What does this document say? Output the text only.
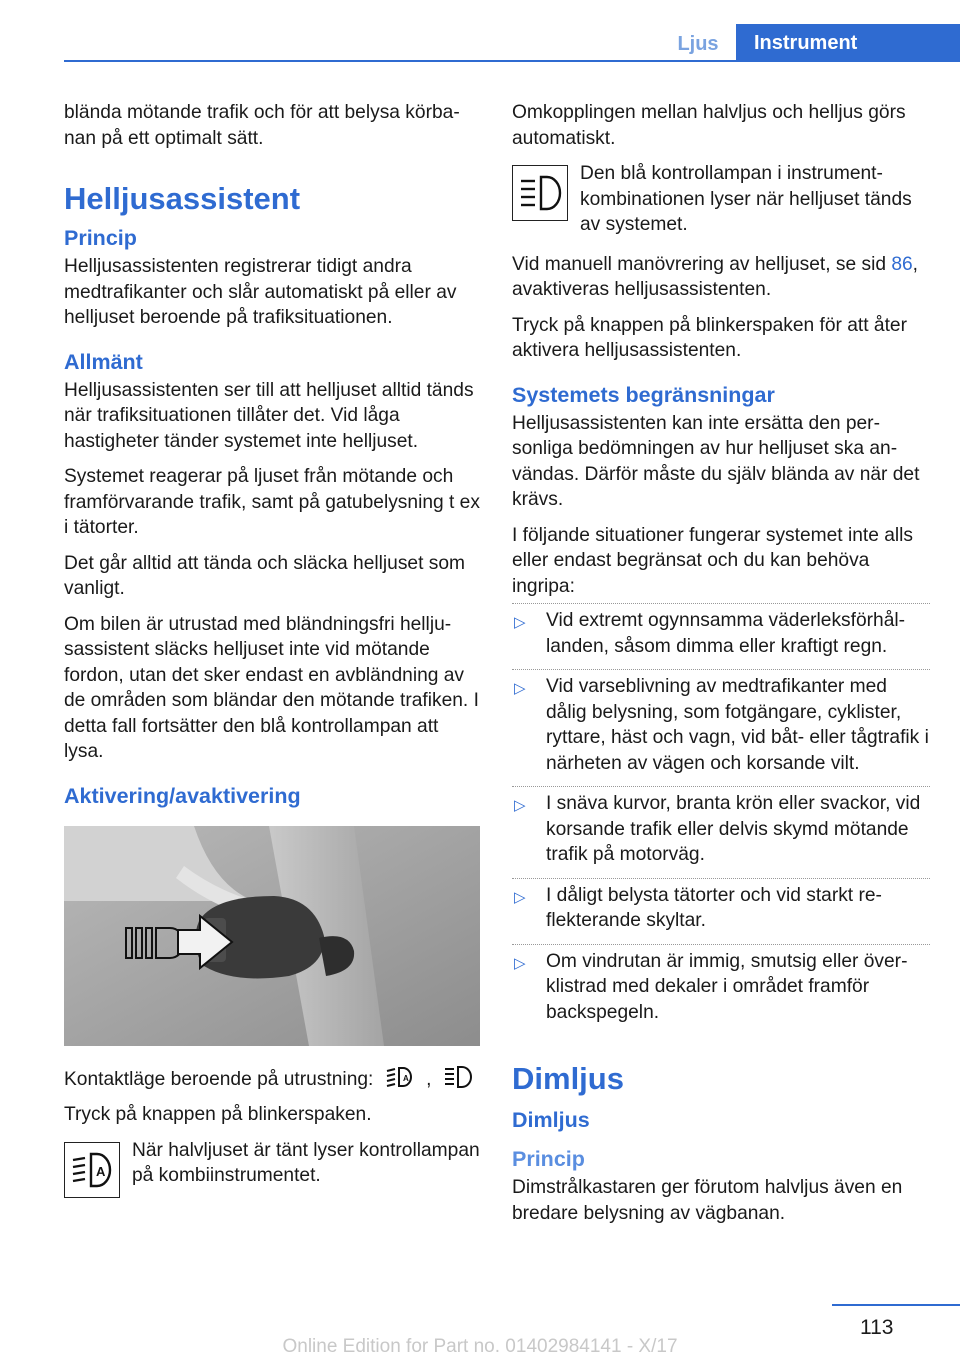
Ljus	Instrument

blända mötande trafik och för att belysa körbanan på ett optimalt sätt.

Helljusassistent
Princip

Helljusassistenten registrerar tidigt andra medtrafikanter och slår automatiskt på eller av helljuset beroende på trafiksituationen.

Allmänt

Helljusassistenten ser till att helljuset alltid tänds när trafiksituationen tillåter det. Vid låga hastigheter tänder systemet inte helljuset.

Systemet reagerar på ljuset från mötande och framförvarande trafik, samt på gatubelysning t ex i tätorter.

Det går alltid att tända och släcka helljuset som vanligt.

Om bilen är utrustad med bländningsfri helljusassistent släcks helljuset inte vid mötande fordon, utan det sker endast en avbländning av de områden som bländar den mötande trafiken. I detta fall fortsätter den blå kontrollampan att lysa.

Aktivering/avaktivering

Kontaktläge beroende på utrustning:	A ,

Tryck på knappen på blinkerspaken.

A

När halvljuset är tänt lyser kontrollampan på kombiinstrumentet.

Omkopplingen mellan halvljus och helljus görs automatiskt.

Den blå kontrollampan i instrumentkombinationen lyser när helljuset tänds av systemet.

Vid manuell manövrering av helljuset, se sid 86, avaktiveras helljusassistenten.

Tryck på knappen på blinkerspaken för att åter aktivera helljusassistenten.

Systemets begränsningar

Helljusassistenten kan inte ersätta den personliga bedömningen av hur helljuset ska användas. Därför måste du själv blända av när det krävs.

I följande situationer fungerar systemet inte alls eller endast begränsat och du kan behöva ingripa:

▷ Vid extremt ogynnsamma väderleksförhållanden, såsom dimma eller kraftigt regn.
▷ Vid varseblivning av medtrafikanter med dålig belysning, som fotgängare, cyklister, ryttare, häst och vagn, vid båt- eller tågtrafik i närheten av vägen och korsande vilt.
▷ I snäva kurvor, branta krön eller svackor, vid korsande trafik eller delvis skymd mötande trafik på motorväg.
▷ I dåligt belysta tätorter och vid starkt reflekterande skyltar.
▷ Om vindrutan är immig, smutsig eller överklistrad med dekaler i området framför backspegeln.
Dimljus
Dimljus
Princip

Dimstrålkastaren ger förutom halvljus även en bredare belysning av vägbanan.

113
Online Edition for Part no. 01402984141 - X/17
